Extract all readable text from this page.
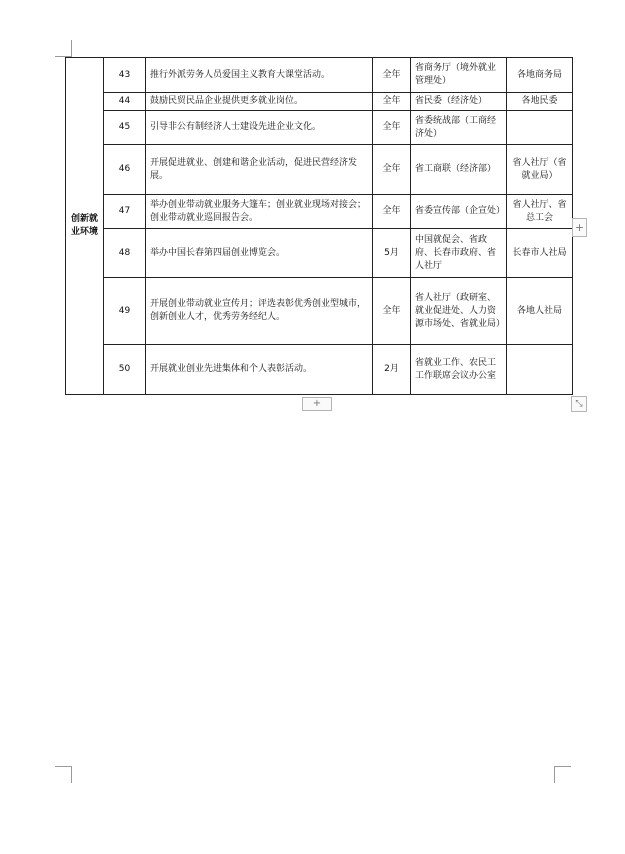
创新就业环境	43	推行外派劳务人员爱国主义教育大课堂活动。	全年	省商务厅（境外就业管理处）	各地商务局
	44	鼓励民贸民品企业提供更多就业岗位。	全年	省民委（经济处）	各地民委
	45	引导非公有制经济人士建设先进企业文化。	全年	省委统战部（工商经济处）	
	46	开展促进就业、创建和谐企业活动，促进民营经济发展。	全年	省工商联（经济部）	省人社厅（省就业局）
	47	举办创业带动就业服务大篷车；创业就业现场对接会；创业带动就业巡回报告会。	全年	省委宣传部（企宣处）	省人社厅、省总工会
	48	举办中国长春第四届创业博览会。	5月	中国就促会、省政府、长春市政府、省人社厅	长春市人社局
	49	开展创业带动就业宣传月；评选表彰优秀创业型城市，创新创业人才，优秀劳务经纪人。	全年	省人社厅（政研室、就业促进处、人力资源市场处、省就业局）	各地人社局
	50	开展就业创业先进集体和个人表彰活动。	2月	省就业工作、农民工工作联席会议办公室	
+
+	⤡
